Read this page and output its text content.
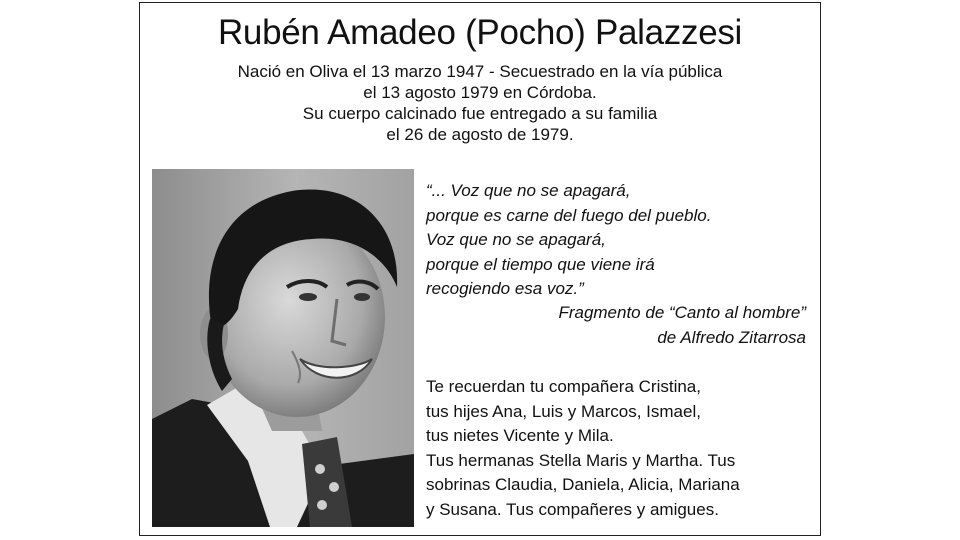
Rubén Amadeo (Pocho) Palazzesi
Nació en Oliva el 13 marzo 1947 - Secuestrado en la vía pública
el 13 agosto 1979 en Córdoba.
Su cuerpo calcinado fue entregado a su familia
el 26 de agosto de 1979.
“... Voz que no se apagará,
porque es carne del fuego del pueblo.
Voz que no se apagará,
porque el tiempo que viene irá
recogiendo esa voz.”
Fragmento de “Canto al hombre”
de Alfredo Zitarrosa
Te recuerdan tu compañera Cristina,
tus hijes Ana, Luis y Marcos, Ismael,
tus nietes Vicente y Mila.
Tus hermanas Stella Maris y Martha. Tus
sobrinas Claudia, Daniela, Alicia, Mariana
y Susana. Tus compañeres y amigues.
